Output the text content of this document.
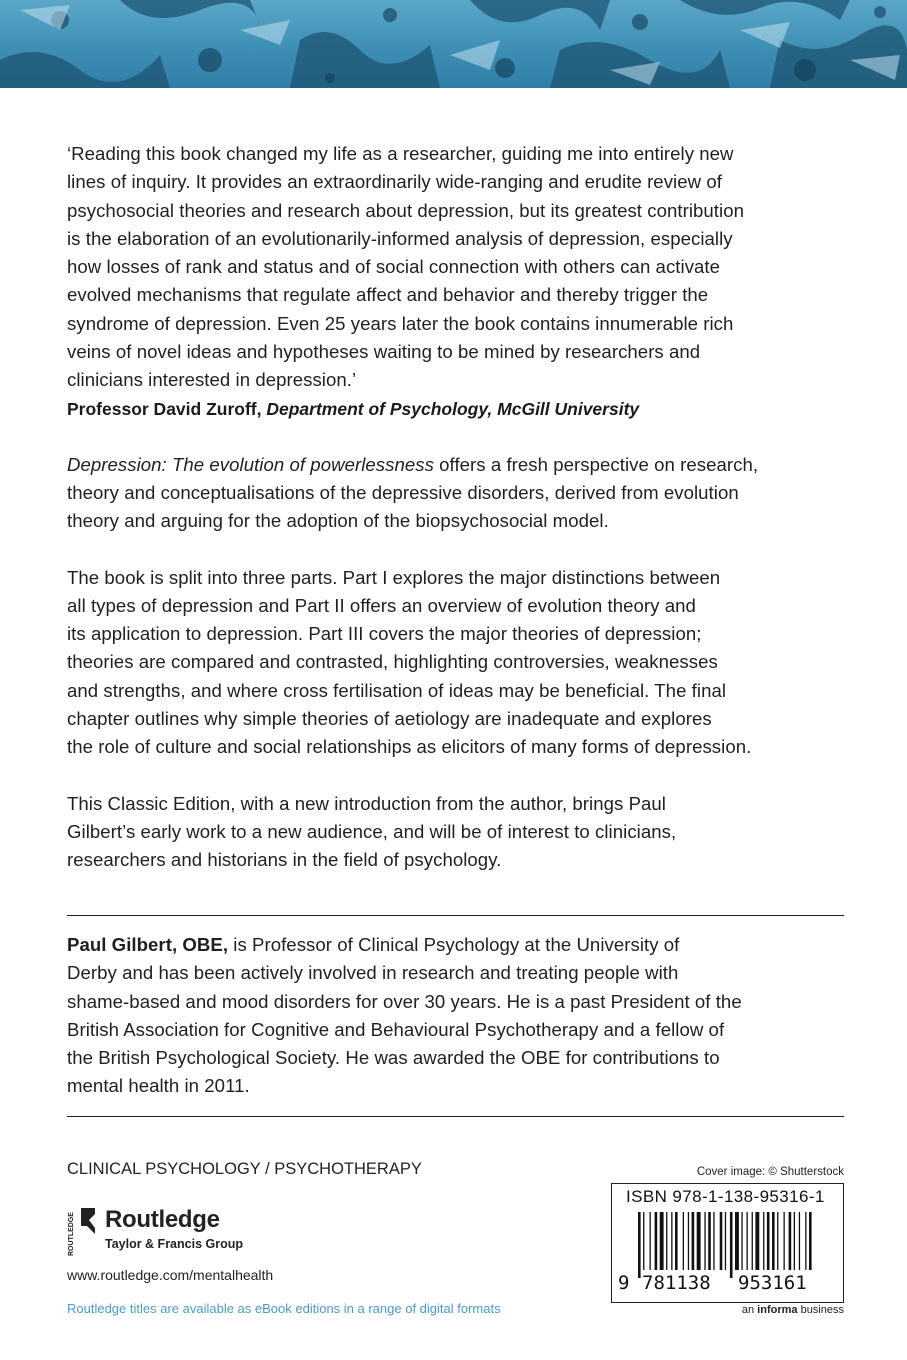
‘Reading this book changed my life as a researcher, guiding me into entirely new
lines of inquiry. It provides an extraordinarily wide-ranging and erudite review of
psychosocial theories and research about depression, but its greatest contribution
is the elaboration of an evolutionarily-informed analysis of depression, especially
how losses of rank and status and of social connection with others can activate
evolved mechanisms that regulate affect and behavior and thereby trigger the
syndrome of depression. Even 25 years later the book contains innumerable rich
veins of novel ideas and hypotheses waiting to be mined by researchers and
clinicians interested in depression.’

Professor David Zuroff, Department of Psychology, McGill University

Depression: The evolution of powerlessness offers a fresh perspective on research,
theory and conceptualisations of the depressive disorders, derived from evolution
theory and arguing for the adoption of the biopsychosocial model.

The book is split into three parts. Part I explores the major distinctions between
all types of depression and Part II offers an overview of evolution theory and
its application to depression. Part III covers the major theories of depression;
theories are compared and contrasted, highlighting controversies, weaknesses
and strengths, and where cross fertilisation of ideas may be beneficial. The final
chapter outlines why simple theories of aetiology are inadequate and explores
the role of culture and social relationships as elicitors of many forms of depression.

This Classic Edition, with a new introduction from the author, brings Paul
Gilbert’s early work to a new audience, and will be of interest to clinicians,
researchers and historians in the field of psychology.

Paul Gilbert, OBE, is Professor of Clinical Psychology at the University of
Derby and has been actively involved in research and treating people with
shame-based and mood disorders for over 30 years. He is a past President of the
British Association for Cognitive and Behavioural Psychotherapy and a fellow of
the British Psychological Society. He was awarded the OBE for contributions to
mental health in 2011.

CLINICAL PSYCHOLOGY / PSYCHOTHERAPY
ROUTLEDGE Routledge
Taylor & Francis Group
www.routledge.com/mentalhealth
Routledge titles are available as eBook editions in a range of digital formats
Cover image: © Shutterstock
ISBN 978-1-138-95316-1
9 781138 953161
an informa business
